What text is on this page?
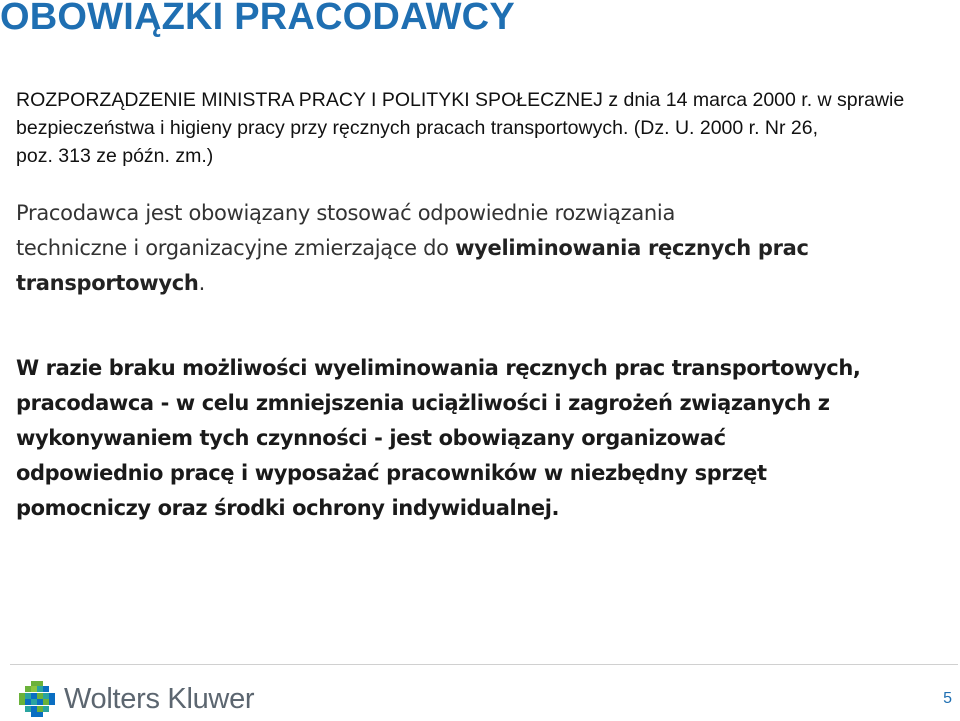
OBOWIĄZKI PRACODAWCY

ROZPORZĄDZENIE MINISTRA PRACY I POLITYKI SPOŁECZNEJ z dnia 14 marca 2000 r. w sprawie
bezpieczeństwa i higieny pracy przy ręcznych pracach transportowych. (Dz. U. 2000 r. Nr 26,
poz. 313 ze późn. zm.)

Pracodawca jest obowiązany stosować odpowiednie rozwiązania
techniczne i organizacyjne zmierzające do wyeliminowania ręcznych prac
transportowych.

W razie braku możliwości wyeliminowania ręcznych prac transportowych,
pracodawca - w celu zmniejszenia uciążliwości i zagrożeń związanych z
wykonywaniem tych czynności - jest obowiązany organizować
odpowiednio pracę i wyposażać pracowników w niezbędny sprzęt
pomocniczy oraz środki ochrony indywidualnej.

Wolters Kluwer	5
